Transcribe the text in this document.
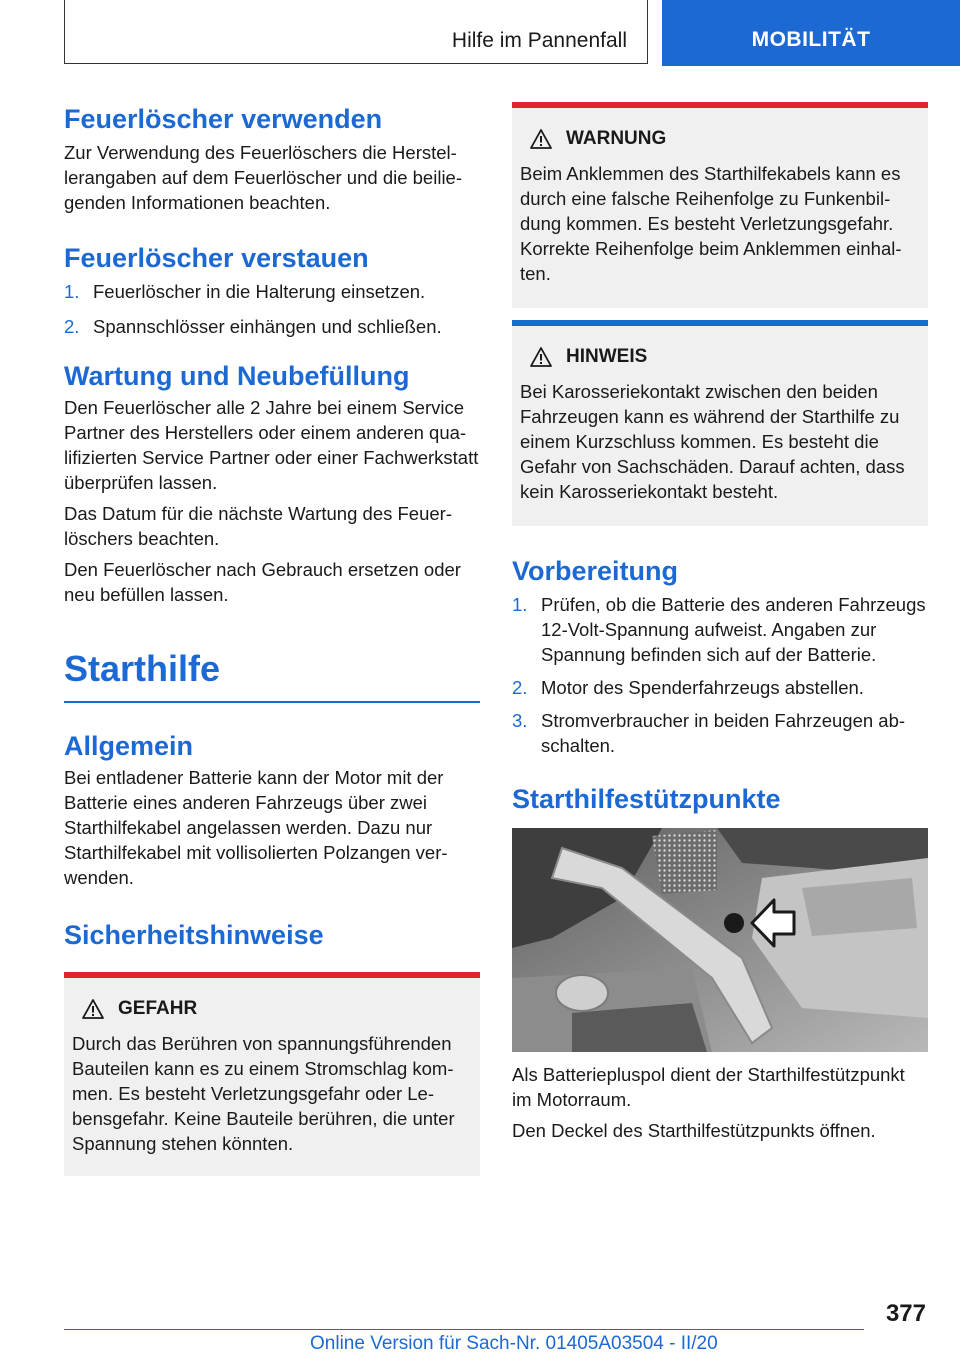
Hilfe im Pannenfall	MOBILITÄT
Feuerlöscher verwenden

Zur Verwendung des Feuerlöschers die Herstellerangaben auf dem Feuerlöscher und die beiliegenden Informationen beachten.

Feuerlöscher verstauen
1. Feuerlöscher in die Halterung einsetzen.
2. Spannschlösser einhängen und schließen.
Wartung und Neubefüllung

Den Feuerlöscher alle 2 Jahre bei einem Service Partner des Herstellers oder einem anderen qualifizierten Service Partner oder einer Fachwerkstatt überprüfen lassen.

Das Datum für die nächste Wartung des Feuerlöschers beachten.

Den Feuerlöscher nach Gebrauch ersetzen oder neu befüllen lassen.

Starthilfe
Allgemein

Bei entladener Batterie kann der Motor mit der Batterie eines anderen Fahrzeugs über zwei Starthilfekabel angelassen werden. Dazu nur Starthilfekabel mit vollisolierten Polzangen verwenden.

Sicherheitshinweise
GEFAHR

Durch das Berühren von spannungsführenden Bauteilen kann es zu einem Stromschlag kommen. Es besteht Verletzungsgefahr oder Lebensgefahr. Keine Bauteile berühren, die unter Spannung stehen könnten.

WARNUNG

Beim Anklemmen des Starthilfekabels kann es durch eine falsche Reihenfolge zu Funkenbildung kommen. Es besteht Verletzungsgefahr. Korrekte Reihenfolge beim Anklemmen einhalten.

HINWEIS

Bei Karosseriekontakt zwischen den beiden Fahrzeugen kann es während der Starthilfe zu einem Kurzschluss kommen. Es besteht die Gefahr von Sachschäden. Darauf achten, dass kein Karosseriekontakt besteht.

Vorbereitung
1. Prüfen, ob die Batterie des anderen Fahrzeugs 12-Volt-Spannung aufweist. Angaben zur Spannung befinden sich auf der Batterie.
2. Motor des Spenderfahrzeugs abstellen.
3. Stromverbraucher in beiden Fahrzeugen abschalten.
Starthilfestützpunkte

Als Batteriepluspol dient der Starthilfestützpunkt im Motorraum.

Den Deckel des Starthilfestützpunkts öffnen.

377
Online Version für Sach-Nr. 01405A03504 - II/20
